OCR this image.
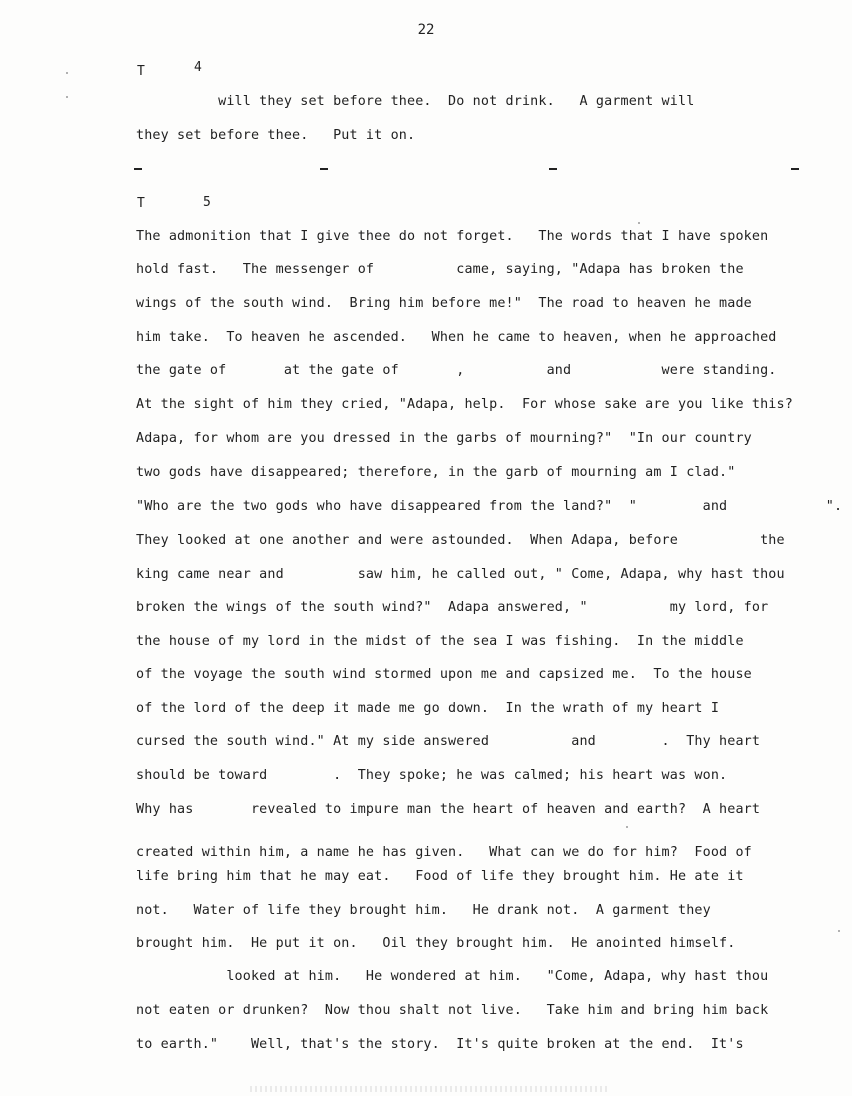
22
T	4
will they set before thee.  Do not drink.   A garment will
they set before thee.   Put it on.
T	5
The admonition that I give thee do not forget.   The words that I have spoken
hold fast.   The messenger of          came, saying, "Adapa has broken the
wings of the south wind.  Bring him before me!"  The road to heaven he made
him take.  To heaven he ascended.   When he came to heaven, when he approached
the gate of       at the gate of       ,          and           were standing.
At the sight of him they cried, "Adapa, help.  For whose sake are you like this?
Adapa, for whom are you dressed in the garbs of mourning?"  "In our country
two gods have disappeared; therefore, in the garb of mourning am I clad."
"Who are the two gods who have disappeared from the land?"  "        and            ".
They looked at one another and were astounded.  When Adapa, before          the
king came near and         saw him, he called out, " Come, Adapa, why hast thou
broken the wings of the south wind?"  Adapa answered, "          my lord, for
the house of my lord in the midst of the sea I was fishing.  In the middle
of the voyage the south wind stormed upon me and capsized me.  To the house
of the lord of the deep it made me go down.  In the wrath of my heart I
cursed the south wind." At my side answered          and        .  Thy heart
should be toward        .  They spoke; he was calmed; his heart was won.
Why has       revealed to impure man the heart of heaven and earth?  A heart
created within him, a name he has given.   What can we do for him?  Food of
life bring him that he may eat.   Food of life they brought him. He ate it
not.   Water of life they brought him.   He drank not.  A garment they
brought him.  He put it on.   Oil they brought him.  He anointed himself.
looked at him.   He wondered at him.   "Come, Adapa, why hast thou
not eaten or drunken?  Now thou shalt not live.   Take him and bring him back
to earth."    Well, that's the story.  It's quite broken at the end.  It's
